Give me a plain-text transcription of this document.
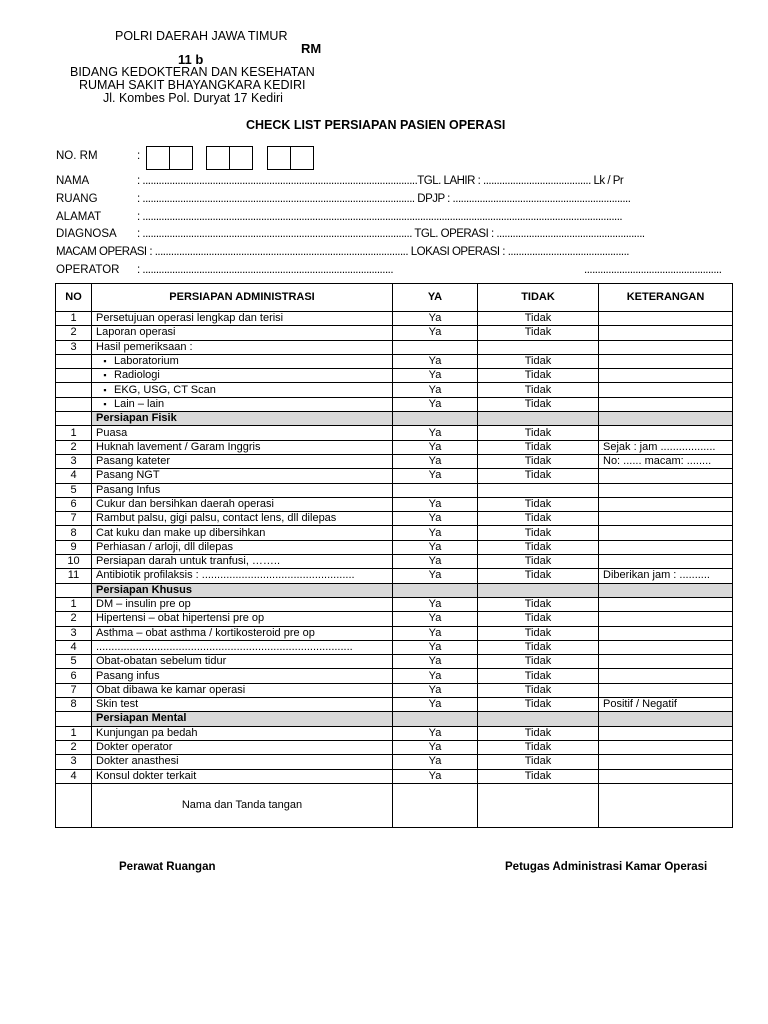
POLRI DAERAH JAWA TIMUR
RM
11 b
BIDANG KEDOKTERAN DAN KESEHATAN
RUMAH SAKIT BHAYANGKARA KEDIRI
Jl. Kombes Pol. Duryat 17 Kediri
CHECK LIST PERSIAPAN PASIEN OPERASI
NO. RM	:
NAMA	: ......................................................................................................TGL. LAHIR : ........................................ Lk / Pr
RUANG	: ..................................................................................................... DPJP : ..................................................................
ALAMAT	: ..................................................................................................................................................................................
DIAGNOSA : .................................................................................................... TGL. OPERASI : .......................................................
MACAM OPERASI : .............................................................................................. LOKASI OPERASI : .............................................
OPERATOR : .............................................................................................	...................................................
NO	PERSIAPAN ADMINISTRASI	YA	TIDAK	KETERANGAN
1	Persetujuan operasi lengkap dan terisi	Ya	Tidak	
2	Laporan operasi	Ya	Tidak	
3	Hasil pemeriksaan :			
	▪ Laboratorium	Ya	Tidak	
	▪ Radiologi	Ya	Tidak	
	▪ EKG, USG, CT Scan	Ya	Tidak	
	▪ Lain – lain	Ya	Tidak	
	Persiapan Fisik			
1	Puasa	Ya	Tidak	
2	Huknah lavement / Garam Inggris	Ya	Tidak	Sejak : jam ..................
3	Pasang kateter	Ya	Tidak	No: ...... macam: ........
4	Pasang NGT	Ya	Tidak	
5	Pasang Infus			
6	Cukur dan bersihkan daerah operasi	Ya	Tidak	
7	Rambut palsu, gigi palsu, contact lens, dll dilepas	Ya	Tidak	
8	Cat kuku dan make up dibersihkan	Ya	Tidak	
9	Perhiasan / arloji, dll dilepas	Ya	Tidak	
10	Persiapan darah untuk tranfusi, ……..	Ya	Tidak	
11	Antibiotik profilaksis : ..................................................	Ya	Tidak	Diberikan jam : ..........
	Persiapan Khusus			
1	DM – insulin pre op	Ya	Tidak	
2	Hipertensi – obat hipertensi pre op	Ya	Tidak	
3	Asthma – obat asthma / kortikosteroid pre op	Ya	Tidak	
4	....................................................................................	Ya	Tidak	
5	Obat-obatan sebelum tidur	Ya	Tidak	
6	Pasang infus	Ya	Tidak	
7	Obat dibawa ke kamar operasi	Ya	Tidak	
8	Skin test	Ya	Tidak	Positif / Negatif
	Persiapan Mental			
1	Kunjungan pa bedah	Ya	Tidak	
2	Dokter operator	Ya	Tidak	
3	Dokter anasthesi	Ya	Tidak	
4	Konsul dokter terkait	Ya	Tidak	
	Nama dan Tanda tangan			
Perawat Ruangan	Petugas Administrasi Kamar Operasi
